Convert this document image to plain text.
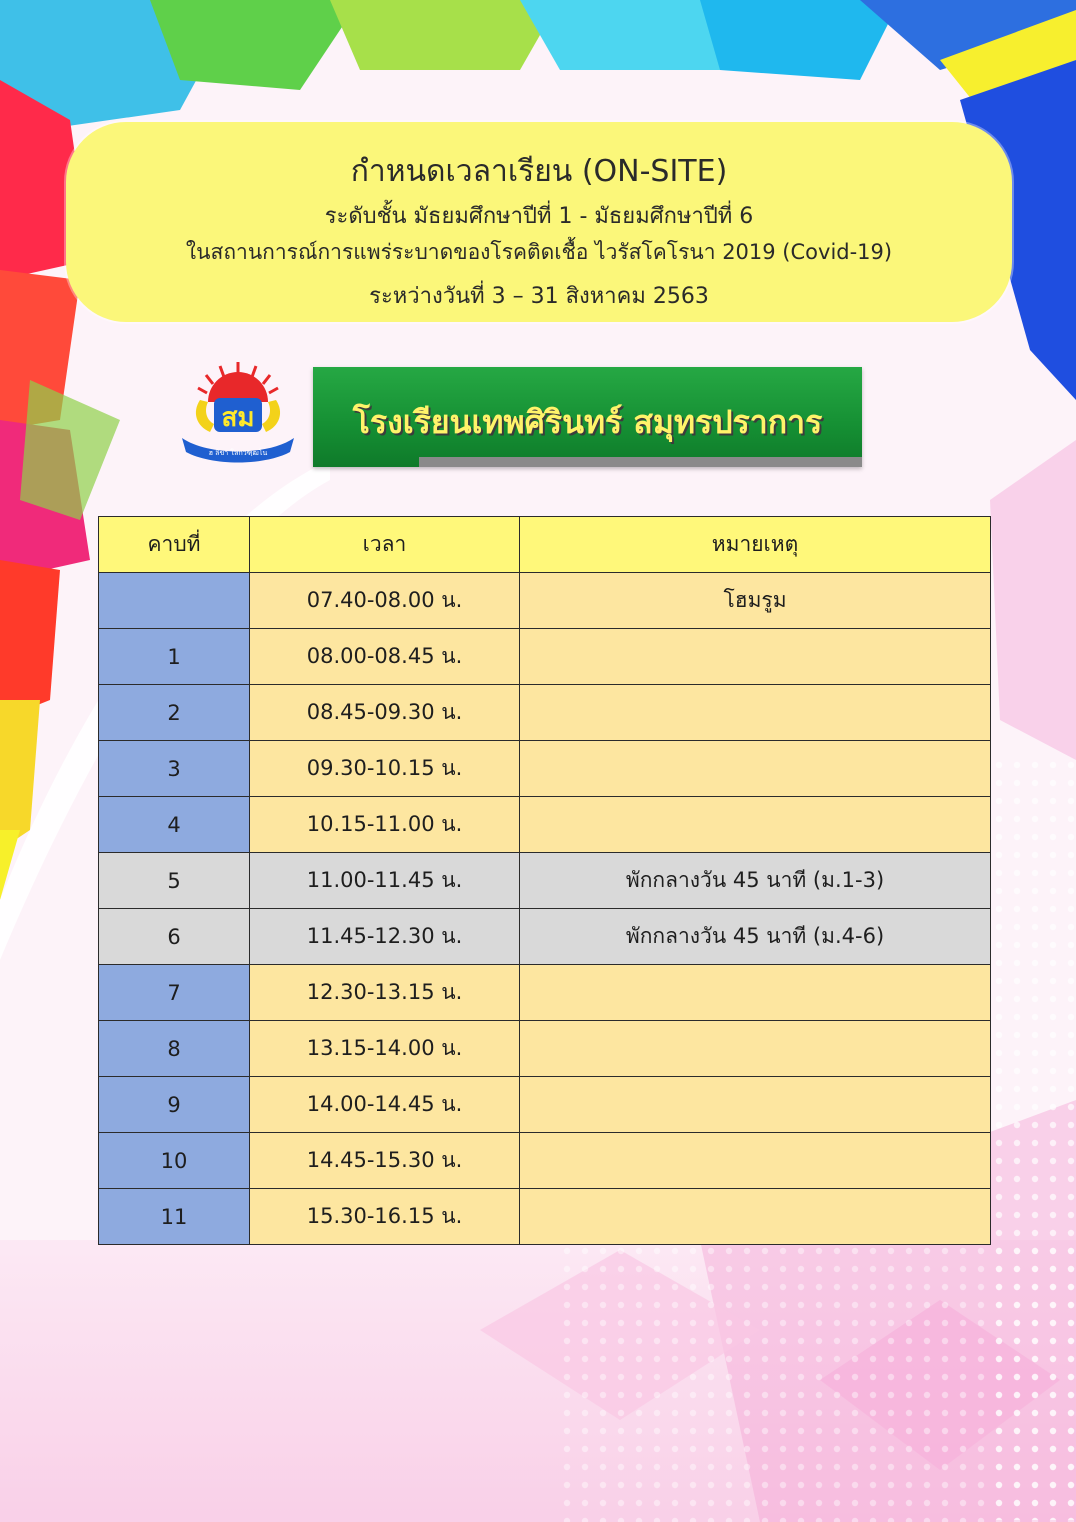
กำหนดเวลาเรียน (ON-SITE)
ระดับชั้น มัธยมศึกษาปีที่ 1 - มัธยมศึกษาปีที่ 6
ในสถานการณ์การแพร่ระบาดของโรคติดเชื้อ ไวรัสโคโรนา 2019 (Covid-19)
ระหว่างวันที่ 3 – 31 สิงหาคม 2563
สม
ฮ ลิขา โลกวฑฺฒโน
โรงเรียนเทพศิรินทร์ สมุทรปราการ
คาบที่	เวลา	หมายเหตุ
	07.40-08.00 น.	โฮมรูม
1	08.00-08.45 น.	
2	08.45-09.30 น.	
3	09.30-10.15 น.	
4	10.15-11.00 น.	
5	11.00-11.45 น.	พักกลางวัน 45 นาที (ม.1-3)
6	11.45-12.30 น.	พักกลางวัน 45 นาที (ม.4-6)
7	12.30-13.15 น.	
8	13.15-14.00 น.	
9	14.00-14.45 น.	
10	14.45-15.30 น.	
11	15.30-16.15 น.	
